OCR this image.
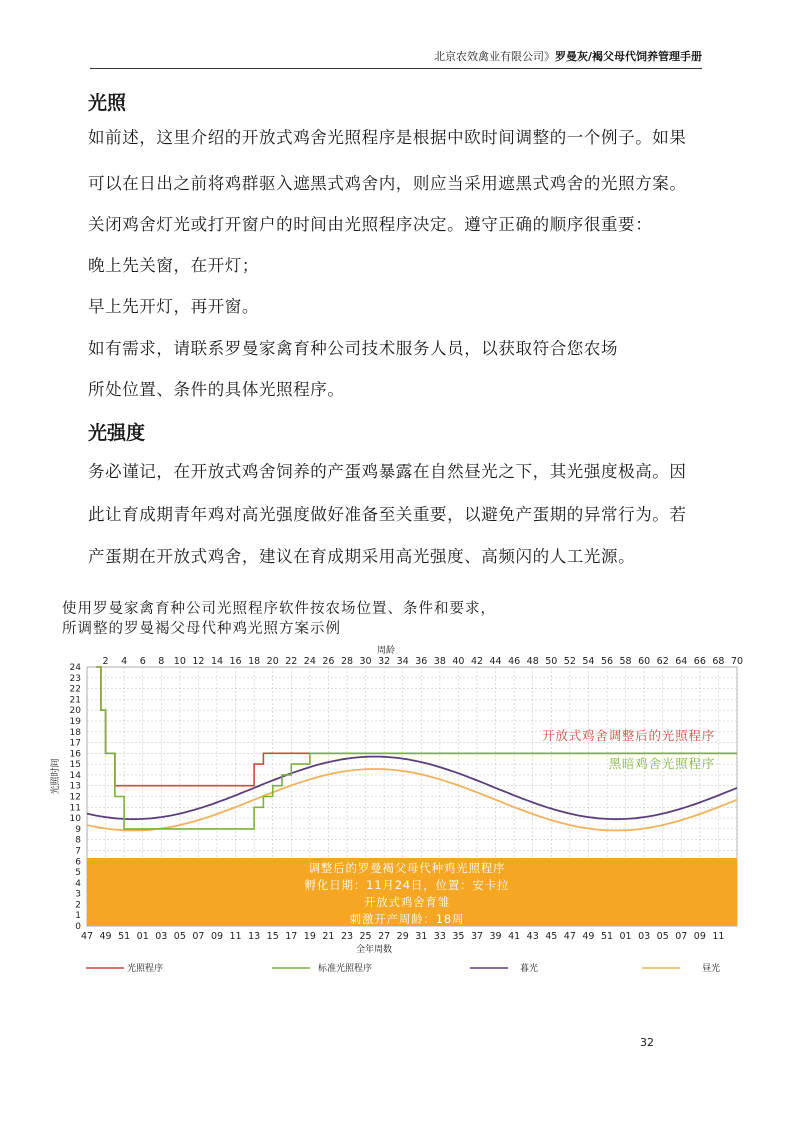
北京农效禽业有限公司》罗曼灰/褐父母代饲养管理手册
光照
如前述，这里介绍的开放式鸡舍光照程序是根据中欧时间调整的一个例子。如果
可以在日出之前将鸡群驱入遮黑式鸡舍内，则应当采用遮黑式鸡舍的光照方案。
关闭鸡舍灯光或打开窗户的时间由光照程序决定。遵守正确的顺序很重要：
晚上先关窗，在开灯；
早上先开灯，再开窗。
如有需求，请联系罗曼家禽育种公司技术服务人员，以获取符合您农场
所处位置、条件的具体光照程序。
光强度
务必谨记，在开放式鸡舍饲养的产蛋鸡暴露在自然昼光之下，其光强度极高。因
此让育成期青年鸡对高光强度做好准备至关重要，以避免产蛋期的异常行为。若
产蛋期在开放式鸡舍，建议在育成期采用高光强度、高频闪的人工光源。
使用罗曼家禽育种公司光照程序软件按农场位置、条件和要求，
所调整的罗曼褐父母代种鸡光照方案示例
调整后的罗曼褐父母代种鸡光照程序
孵化日期：11月24日，位置：安卡拉
开放式鸡舍育雏
刺激开产周龄：18周
开放式鸡舍调整后的光照程序
黑暗鸡舍光照程序
0
1
2
3
4
5
6
7
8
9
10
11
12
13
14
15
16
17
18
19
20
21
22
23
24
光照时间
周龄
2 4 6 8 10 12 14 16 18 20 22 24 26 28 30 32 34 36 38 40 42 44 46 48 50 52 54 56 58 60 62 64 66 68 70
47 49 51 01 03 05 07 09 11 13 15 17 19 21 23 25 27 29 31 33 35 37 39 41 43 45 47 49 51 01 03 05 07 09 11
全年周数
光照程序	标准光照程序	暮光	昼光
32
